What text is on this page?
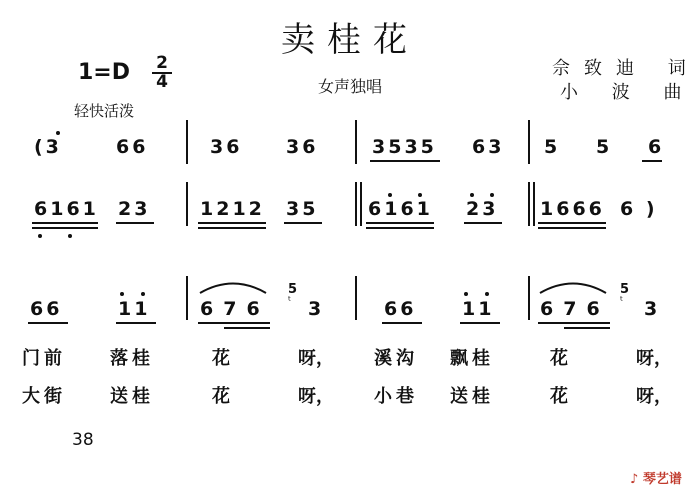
卖桂花
1=D 2
4	女声独唱
佘致迪 词
小 波 曲
轻快活泼
(3	66	36 36	3535 63 5 5 6
6161 23	1212 35	6161 23 1666 6 )
66	11	676
5
ᵗ 3	66 11 676
5
ᵗ 3
门前 落桂	花	呀， 溪沟 飘桂	花	呀，
大街 送桂	花	呀， 小巷 送桂	花	呀，
38
♪ 琴艺谱
